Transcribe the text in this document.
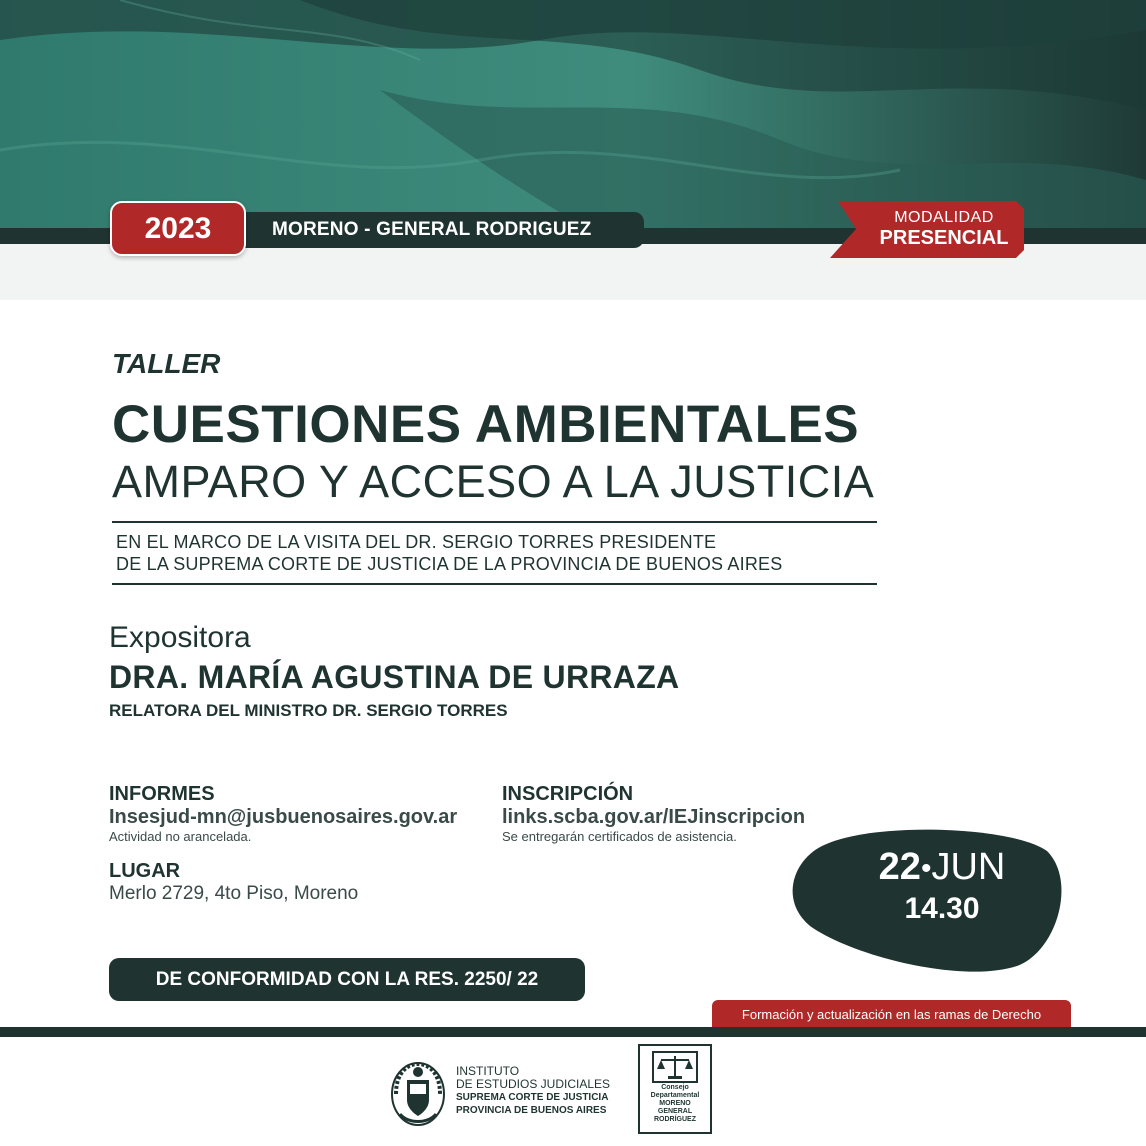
MORENO - GENERAL RODRIGUEZ
2023	MODALIDAD
PRESENCIAL
TALLER
CUESTIONES AMBIENTALES
AMPARO Y ACCESO A LA JUSTICIA
EN EL MARCO DE LA VISITA DEL DR. SERGIO TORRES PRESIDENTE
DE LA SUPREMA CORTE DE JUSTICIA DE LA PROVINCIA DE BUENOS AIRES
Expositora
DRA. MARÍA AGUSTINA DE URRAZA
RELATORA DEL MINISTRO DR. SERGIO TORRES
INFORMES
Insesjud-mn@jusbuenosaires.gov.ar
Actividad no arancelada.
LUGAR
Merlo 2729, 4to Piso, Moreno
INSCRIPCIÓN
links.scba.gov.ar/IEJinscripcion
Se entregarán certificados de asistencia.
22•JUN
14.30
DE CONFORMIDAD CON LA RES. 2250/ 22
Formación y actualización en las ramas de Derecho
INSTITUTO
DE ESTUDIOS JUDICIALES
SUPREMA CORTE DE JUSTICIA
PROVINCIA DE BUENOS AIRES
Consejo
Departamental
MORENO
GENERAL
RODRÍGUEZ
